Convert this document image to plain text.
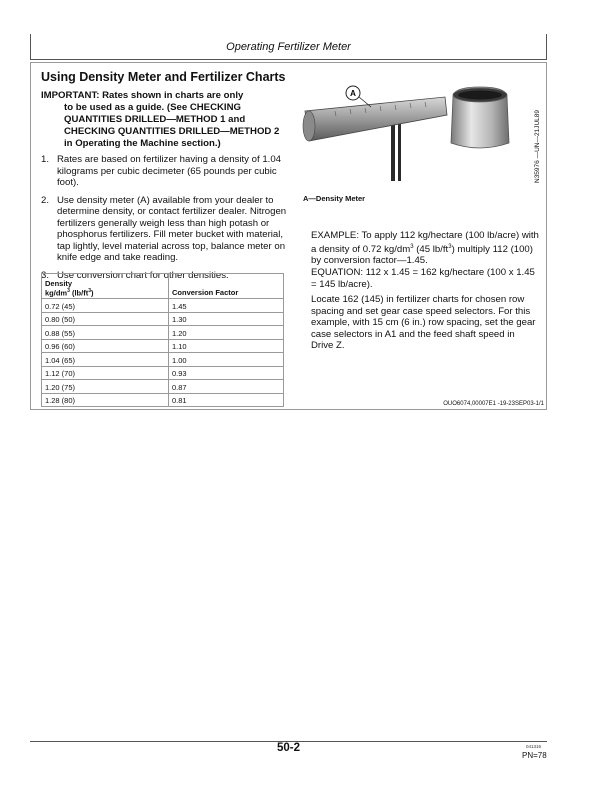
Operating Fertilizer Meter
Using Density Meter and Fertilizer Charts
IMPORTANT: Rates shown in charts are only
to be used as a guide. (See CHECKING QUANTITIES DRILLED—METHOD 1 and CHECKING QUANTITIES DRILLED—METHOD 2 in Operating the Machine section.)
1. Rates are based on fertilizer having a density of 1.04 kilograms per cubic decimeter (65 pounds per cubic foot).
2. Use density meter (A) available from your dealer to determine density, or contact fertilizer dealer. Nitrogen fertilizers generally weigh less than high potash or phosphorus fertilizers. Fill meter bucket with material, tap lightly, level material across top, balance meter on knife edge and take reading.
3. Use conversion chart for other densities.
Density
$kg/dm^3$ $(lb/ft^3)$	Conversion Factor
0.72 (45)	1.45
0.80 (50)	1.30
0.88 (55)	1.20
0.96 (60)	1.10
1.04 (65)	1.00
1.12 (70)	0.93
1.20 (75)	0.87
1.28 (80)	0.81
A
N35976 —UN—21JUL89
A—Density Meter
EXAMPLE: To apply 112 kg/hectare (100 lb/acre) with a density of 0.72 $kg/dm^3$ (45 $lb/ft^3$) multiply 112 (100) by conversion factor—1.45.
EQUATION: 112 x 1.45 = 162 kg/hectare (100 x 1.45 = 145 lb/acre).
Locate 162 (145) in fertilizer charts for chosen row spacing and set gear case speed selectors. For this example, with 15 cm (6 in.) row spacing, set the gear case selectors in A1 and the feed shaft speed in Drive Z.
OUO6074,00007E1 -19-23SEP03-1/1
50-2	041316
PN=78
